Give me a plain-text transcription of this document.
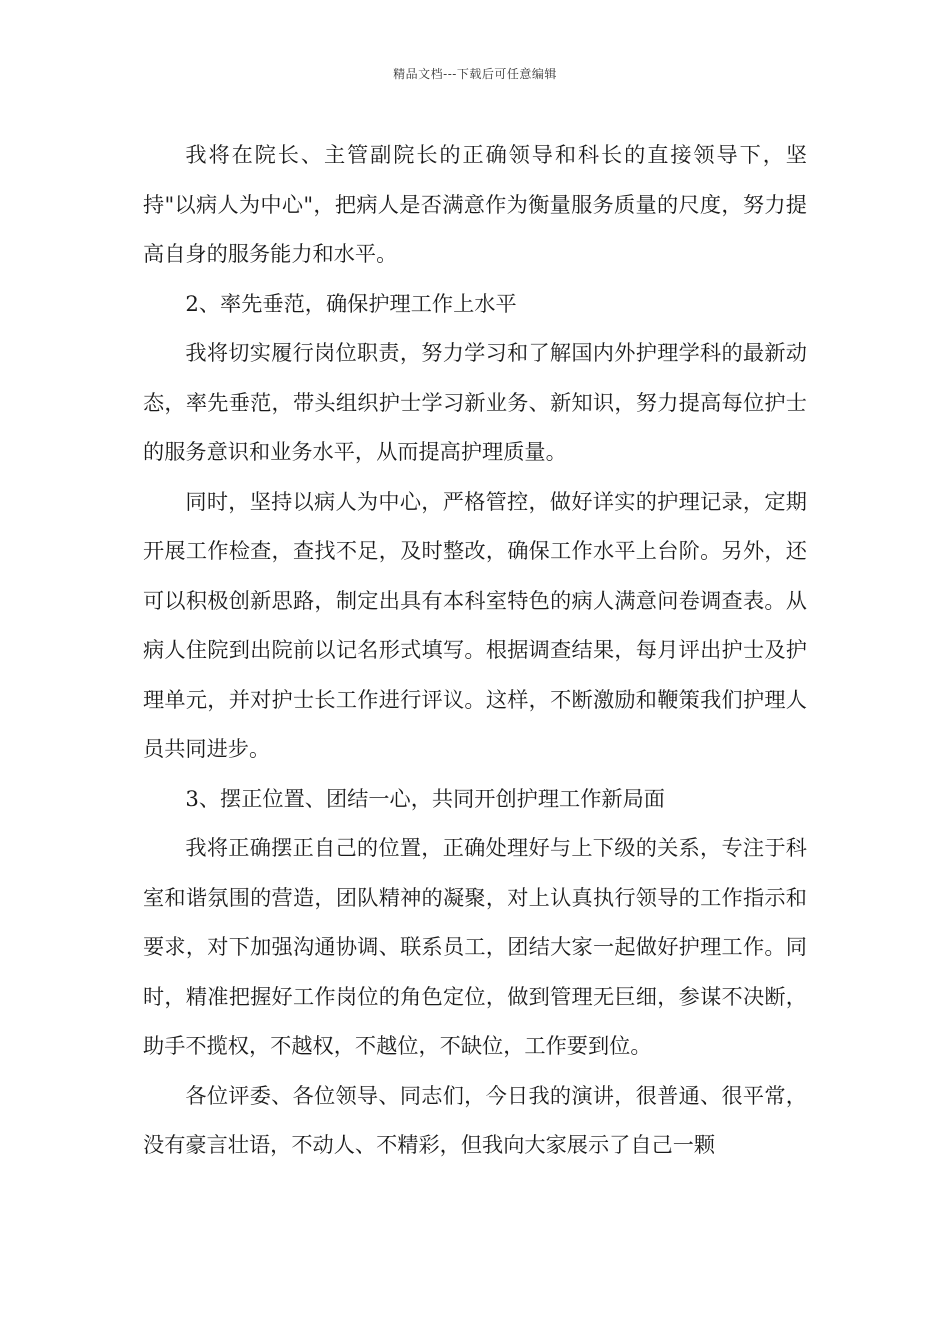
精品文档---下载后可任意编辑

我将在院长、主管副院长的正确领导和科长的直接领导下，坚持"以病人为中心"，把病人是否满意作为衡量服务质量的尺度，努力提高自身的服务能力和水平。

2、率先垂范，确保护理工作上水平

我将切实履行岗位职责，努力学习和了解国内外护理学科的最新动态，率先垂范，带头组织护士学习新业务、新知识，努力提高每位护士的服务意识和业务水平，从而提高护理质量。

同时，坚持以病人为中心，严格管控，做好详实的护理记录，定期开展工作检查，查找不足，及时整改，确保工作水平上台阶。另外，还可以积极创新思路，制定出具有本科室特色的病人满意问卷调查表。从病人住院到出院前以记名形式填写。根据调查结果，每月评出护士及护理单元，并对护士长工作进行评议。这样，不断激励和鞭策我们护理人员共同进步。

3、摆正位置、团结一心，共同开创护理工作新局面

我将正确摆正自己的位置，正确处理好与上下级的关系，专注于科室和谐氛围的营造，团队精神的凝聚，对上认真执行领导的工作指示和要求，对下加强沟通协调、联系员工，团结大家一起做好护理工作。同时，精准把握好工作岗位的角色定位，做到管理无巨细，参谋不决断，助手不揽权，不越权，不越位，不缺位，工作要到位。

各位评委、各位领导、同志们，今日我的演讲，很普通、很平常，没有豪言壮语，不动人、不精彩，但我向大家展示了自己一颗
